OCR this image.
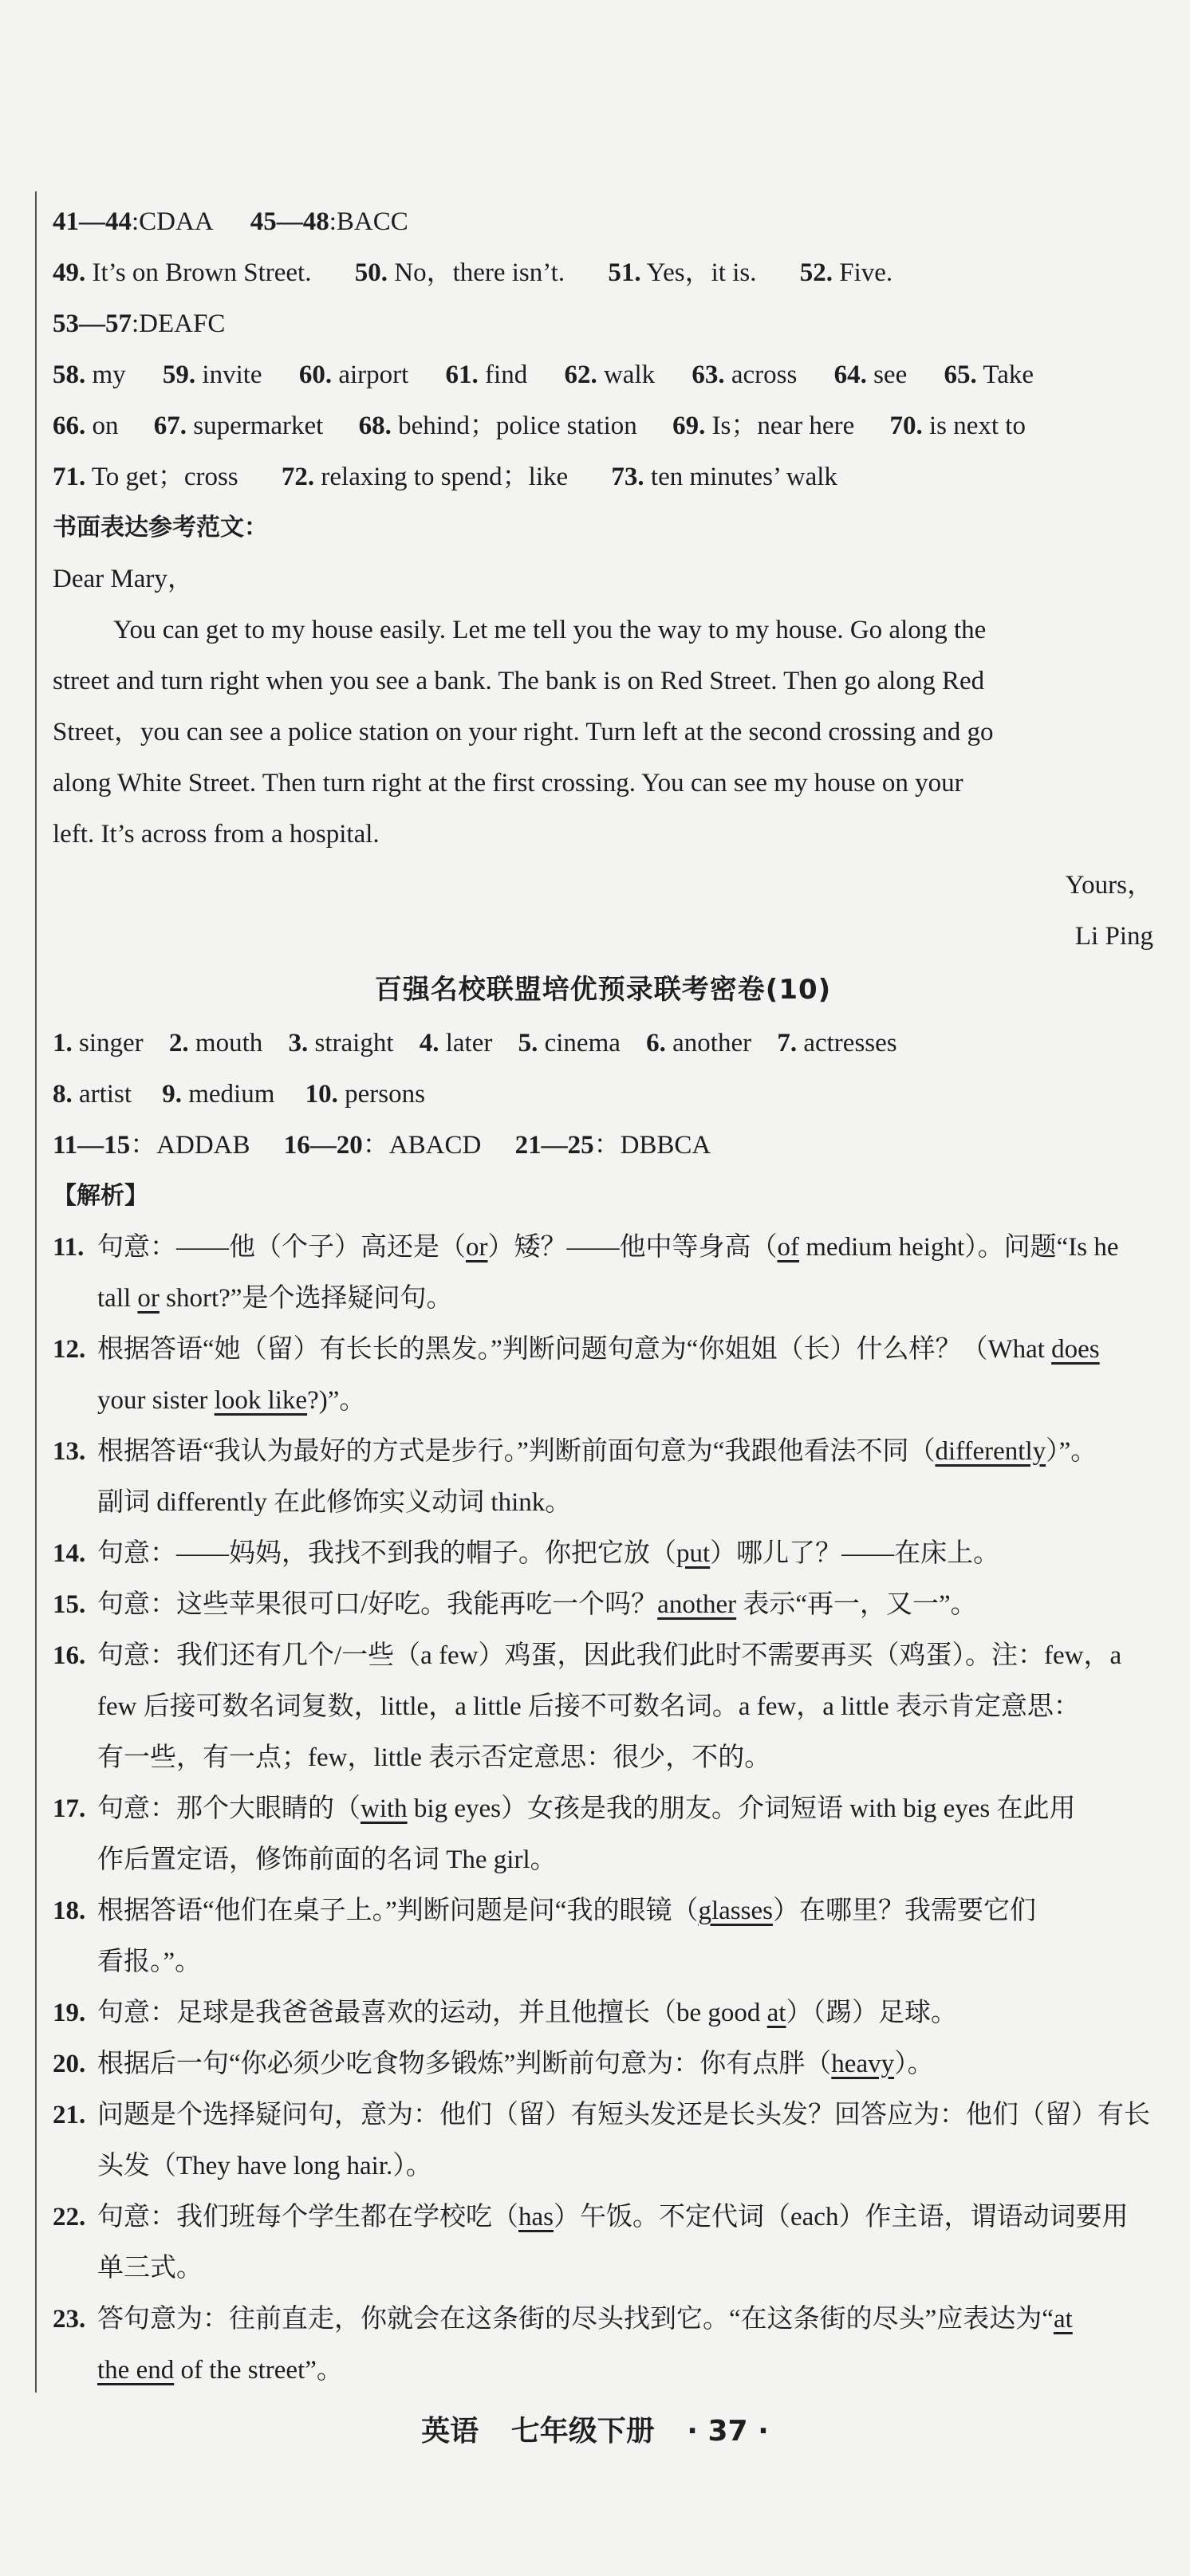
41—44:CDAA 45—48:BACC
49. It’s on Brown Street. 50. No，there isn’t. 51. Yes，it is. 52. Five.
53—57:DEAFC
58. my 59. invite 60. airport 61. find 62. walk 63. across 64. see 65. Take
66. on 67. supermarket 68. behind；police station 69. Is；near here 70. is next to
71. To get；cross 72. relaxing to spend；like 73. ten minutes’ walk
书面表达参考范文：
Dear Mary，
You can get to my house easily. Let me tell you the way to my house. Go along the
street and turn right when you see a bank. The bank is on Red Street. Then go along Red
Street，you can see a police station on your right. Turn left at the second crossing and go
along White Street. Then turn right at the first crossing. You can see my house on your
left. It’s across from a hospital.
Yours，
Li Ping
百强名校联盟培优预录联考密卷(10)
1. singer 2. mouth 3. straight 4. later 5. cinema 6. another 7. actresses
8. artist 9. medium 10. persons
11—15：ADDAB 16—20：ABACD 21—25：DBBCA
【解析】
11. 句意：——他（个子）高还是（or）矮？——他中等身高（of medium height）。问题“Is he
tall or short?”是个选择疑问句。
12. 根据答语“她（留）有长长的黑发。”判断问题句意为“你姐姐（长）什么样？（What does
your sister look like?)”。
13. 根据答语“我认为最好的方式是步行。”判断前面句意为“我跟他看法不同（differently）”。
副词 differently 在此修饰实义动词 think。
14. 句意：——妈妈，我找不到我的帽子。你把它放（put）哪儿了？——在床上。
15. 句意：这些苹果很可口/好吃。我能再吃一个吗？another 表示“再一，又一”。
16. 句意：我们还有几个/一些（a few）鸡蛋，因此我们此时不需要再买（鸡蛋）。注：few，a
few 后接可数名词复数，little，a little 后接不可数名词。a few，a little 表示肯定意思：
有一些，有一点；few，little 表示否定意思：很少，不的。
17. 句意：那个大眼睛的（with big eyes）女孩是我的朋友。介词短语 with big eyes 在此用
作后置定语，修饰前面的名词 The girl。
18. 根据答语“他们在桌子上。”判断问题是问“我的眼镜（glasses）在哪里？我需要它们
看报。”。
19. 句意：足球是我爸爸最喜欢的运动，并且他擅长（be good at）（踢）足球。
20. 根据后一句“你必须少吃食物多锻炼”判断前句意为：你有点胖（heavy）。
21. 问题是个选择疑问句，意为：他们（留）有短头发还是长头发？回答应为：他们（留）有长
头发（They have long hair.）。
22. 句意：我们班每个学生都在学校吃（has）午饭。不定代词（each）作主语，谓语动词要用
单三式。
23. 答句意为：往前直走，你就会在这条街的尽头找到它。“在这条街的尽头”应表达为“at
the end of the street”。
英语 七年级下册 · 37 ·
